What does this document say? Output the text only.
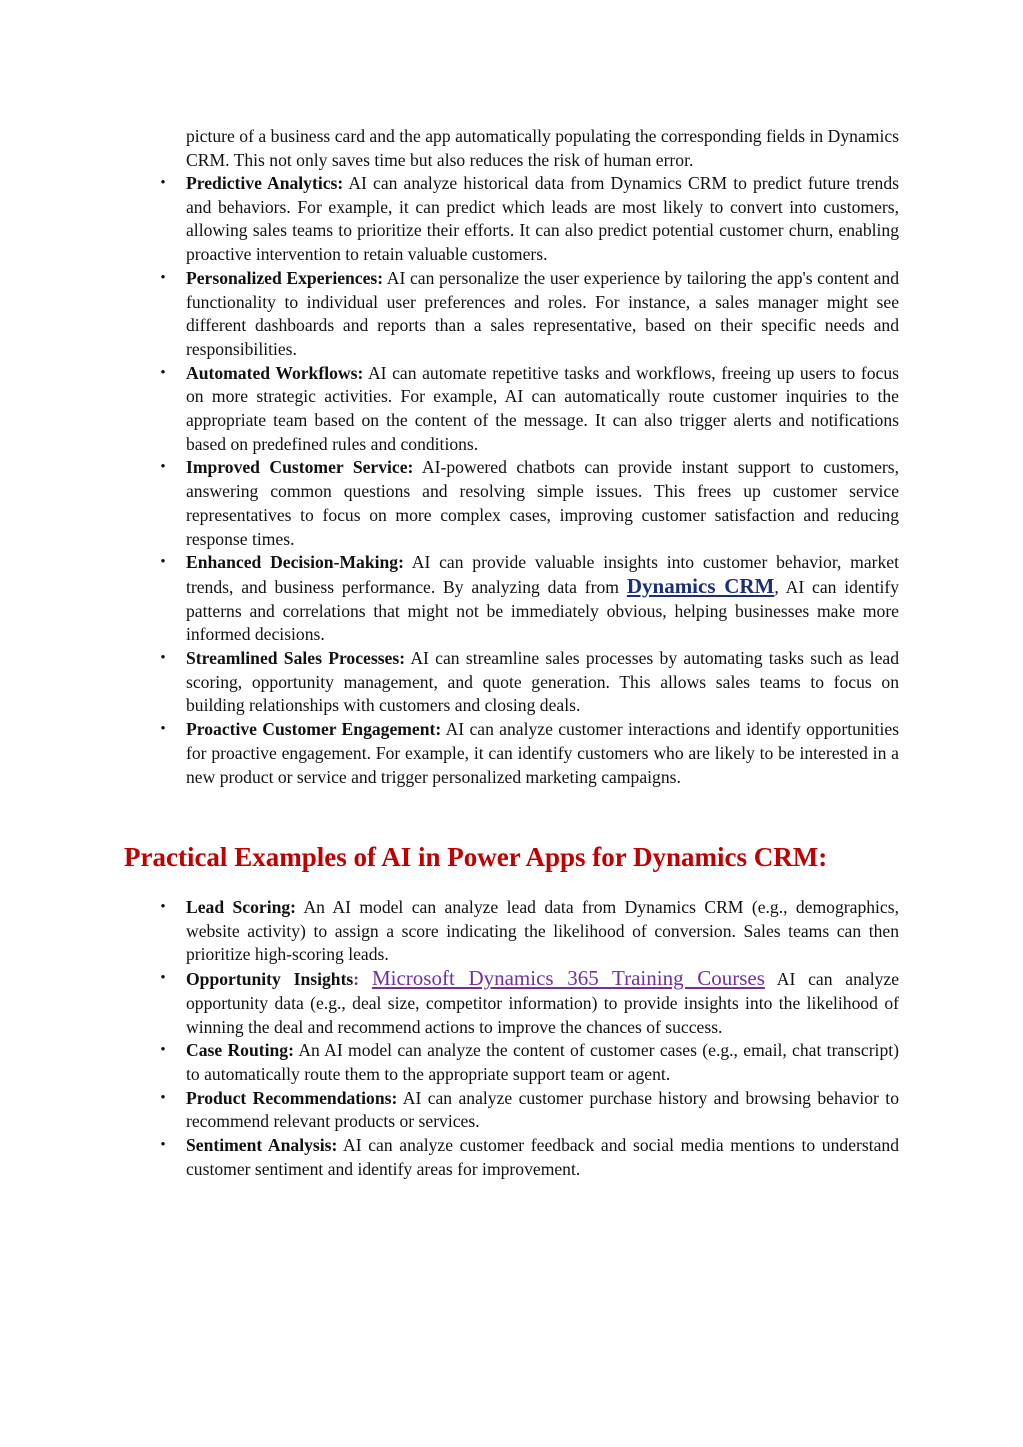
picture of a business card and the app automatically populating the corresponding fields in Dynamics CRM. This not only saves time but also reduces the risk of human error.

• Predictive Analytics: AI can analyze historical data from Dynamics CRM to predict future trends and behaviors. For example, it can predict which leads are most likely to convert into customers, allowing sales teams to prioritize their efforts. It can also predict potential customer churn, enabling proactive intervention to retain valuable customers.
• Personalized Experiences: AI can personalize the user experience by tailoring the app's content and functionality to individual user preferences and roles. For instance, a sales manager might see different dashboards and reports than a sales representative, based on their specific needs and responsibilities.
• Automated Workflows: AI can automate repetitive tasks and workflows, freeing up users to focus on more strategic activities. For example, AI can automatically route customer inquiries to the appropriate team based on the content of the message. It can also trigger alerts and notifications based on predefined rules and conditions.
• Improved Customer Service: AI-powered chatbots can provide instant support to customers, answering common questions and resolving simple issues. This frees up customer service representatives to focus on more complex cases, improving customer satisfaction and reducing response times.
• Enhanced Decision-Making: AI can provide valuable insights into customer behavior, market trends, and business performance. By analyzing data from Dynamics CRM, AI can identify patterns and correlations that might not be immediately obvious, helping businesses make more informed decisions.
• Streamlined Sales Processes: AI can streamline sales processes by automating tasks such as lead scoring, opportunity management, and quote generation. This allows sales teams to focus on building relationships with customers and closing deals.
• Proactive Customer Engagement: AI can analyze customer interactions and identify opportunities for proactive engagement. For example, it can identify customers who are likely to be interested in a new product or service and trigger personalized marketing campaigns.
Practical Examples of AI in Power Apps for Dynamics CRM:
• Lead Scoring: An AI model can analyze lead data from Dynamics CRM (e.g., demographics, website activity) to assign a score indicating the likelihood of conversion. Sales teams can then prioritize high-scoring leads.
• Opportunity Insights: Microsoft Dynamics 365 Training Courses AI can analyze opportunity data (e.g., deal size, competitor information) to provide insights into the likelihood of winning the deal and recommend actions to improve the chances of success.
• Case Routing: An AI model can analyze the content of customer cases (e.g., email, chat transcript) to automatically route them to the appropriate support team or agent.
• Product Recommendations: AI can analyze customer purchase history and browsing behavior to recommend relevant products or services.
• Sentiment Analysis: AI can analyze customer feedback and social media mentions to understand customer sentiment and identify areas for improvement.
